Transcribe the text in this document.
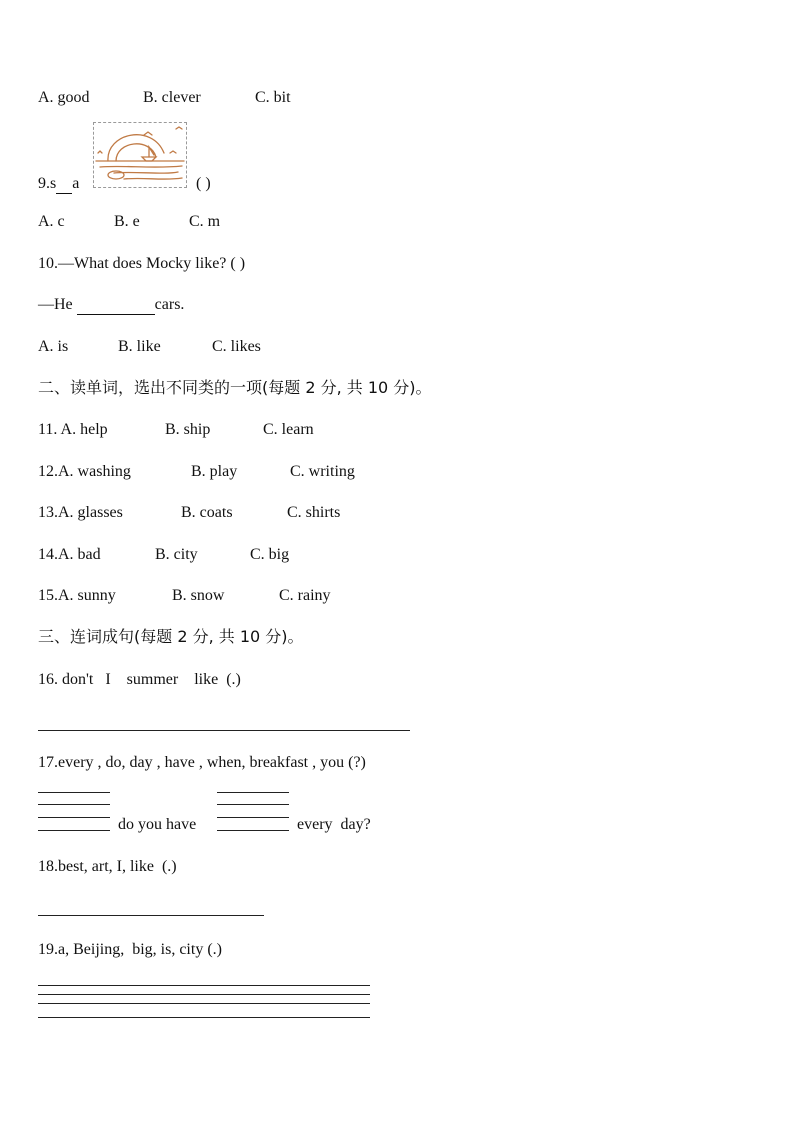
A. good	B. clever	C. bit
9.s a	( )
A. c	B. e	C. m
10.—What does Mocky like? ( )
—He	cars.
A. is	B. like	C. likes
二、读单词，选出不同类的一项(每题 2 分, 共 10 分)。
11. A. help	B. ship	C. learn
12.A. washing	B. play	C. writing
13.A. glasses	B. coats	C. shirts
14.A. bad	B. city	C. big
15.A. sunny	B. snow	C. rainy
三、连词成句(每题 2 分, 共 10 分)。
16. don't   I    summer    like  (.)
17.every , do, day , have , when, breakfast , you (?)
do you have	every  day?
18.best, art, I, like  (.)
19.a, Beijing,  big, is, city (.)
